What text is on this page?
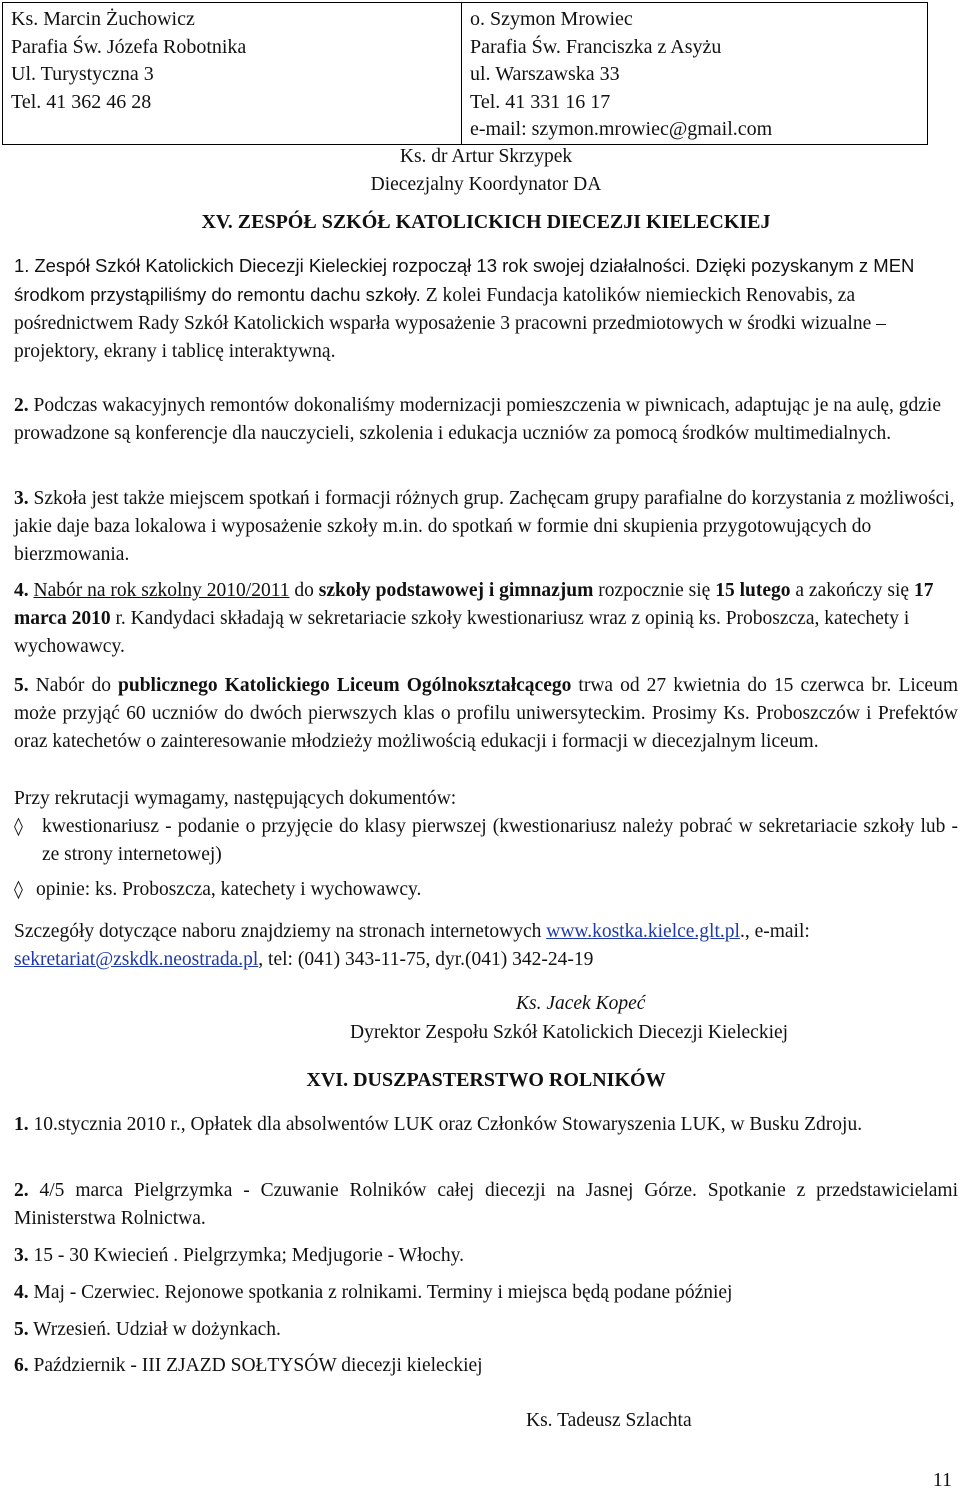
Ks. Marcin Żuchowicz
Parafia Św. Józefa Robotnika
Ul. Turystyczna 3
Tel. 41 362 46 28

o. Szymon Mrowiec
Parafia Św. Franciszka z Asyżu
ul. Warszawska 33
Tel. 41 331 16 17
e-mail: szymon.mrowiec@gmail.com
Ks. dr Artur Skrzypek
Diecezjalny Koordynator DA
XV. ZESPÓŁ SZKÓŁ KATOLICKICH DIECEZJI KIELECKIEJ
1. Zespół Szkół Katolickich Diecezji Kieleckiej rozpoczął 13 rok swojej działalności. Dzięki pozyskanym z MEN środkom przystąpiliśmy do remontu dachu szkoły. Z kolei Fundacja katolików niemieckich Renovabis, za pośrednictwem Rady Szkół Katolickich wsparła wyposażenie 3 pracowni przedmiotowych w środki wizualne – projektory, ekrany i tablicę interaktywną.
2. Podczas wakacyjnych remontów dokonaliśmy modernizacji pomieszczenia w piwnicach, adaptując je na aulę, gdzie prowadzone są konferencje dla nauczycieli, szkolenia i edukacja uczniów za pomocą środków multimedialnych.
3. Szkoła jest także miejscem spotkań i formacji różnych grup. Zachęcam grupy parafialne do korzystania z możliwości, jakie daje baza lokalowa i wyposażenie szkoły m.in. do spotkań w formie dni skupienia przygotowujących do bierzmowania.
4. Nabór na rok szkolny 2010/2011 do szkoły podstawowej i gimnazjum rozpocznie się 15 lutego a zakończy się 17 marca 2010 r. Kandydaci składają w sekretariacie szkoły kwestionariusz wraz z opinią ks. Proboszcza, katechety i wychowawcy.
5. Nabór do publicznego Katolickiego Liceum Ogólnokształcącego trwa od 27 kwietnia do 15 czerwca br. Liceum może przyjąć 60 uczniów do dwóch pierwszych klas o profilu uniwersyteckim. Prosimy Ks. Proboszczów i Prefektów oraz katechetów o zainteresowanie młodzieży możliwością edukacji i formacji w diecezjalnym liceum.
Przy rekrutacji wymagamy, następujących dokumentów:
◊ kwestionariusz - podanie o przyjęcie do klasy pierwszej (kwestionariusz należy pobrać w sekretariacie szkoły lub - ze strony internetowej)
◊ opinie: ks. Proboszcza, katechety i wychowawcy.
Szczegóły dotyczące naboru znajdziemy na stronach internetowych www.kostka.kielce.glt.pl., e-mail: sekretariat@zskdk.neostrada.pl, tel: (041) 343-11-75, dyr.(041) 342-24-19
Ks. Jacek Kopeć
Dyrektor Zespołu Szkół Katolickich Diecezji Kieleckiej
XVI. DUSZPASTERSTWO ROLNIKÓW
1. 10.stycznia 2010 r., Opłatek dla absolwentów LUK oraz Członków Stowaryszenia LUK, w Busku Zdroju.
2. 4/5 marca Pielgrzymka - Czuwanie Rolników całej diecezji na Jasnej Górze. Spotkanie z przedstawicielami Ministerstwa Rolnictwa.
3. 15 - 30 Kwiecień . Pielgrzymka; Medjugorie - Włochy.
4. Maj - Czerwiec. Rejonowe spotkania z rolnikami. Terminy i miejsca będą podane później
5. Wrzesień. Udział w dożynkach.
6. Październik - III ZJAZD SOŁTYSÓW diecezji kieleckiej
Ks. Tadeusz Szlachta
11
